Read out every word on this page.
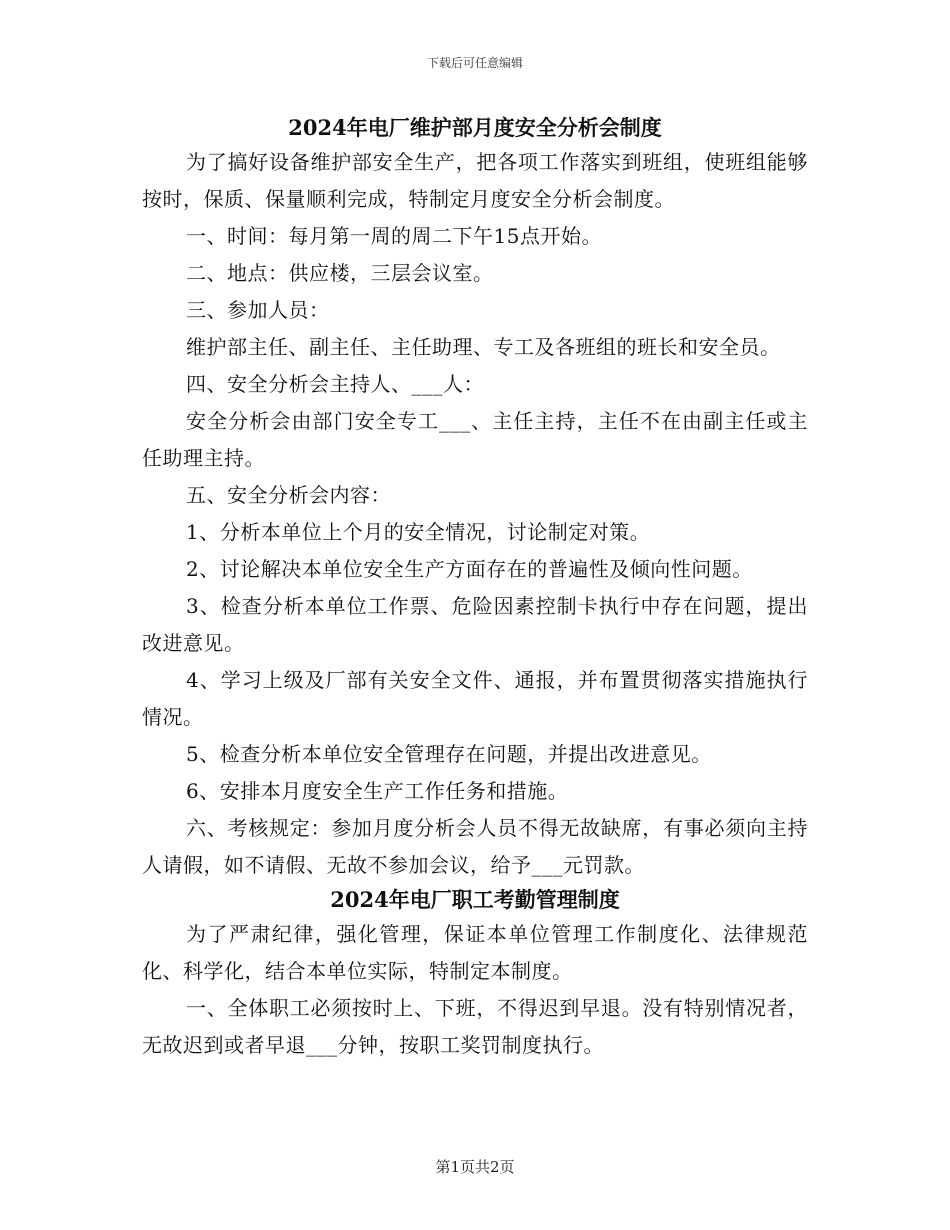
下载后可任意编辑
2024年电厂维护部月度安全分析会制度

为了搞好设备维护部安全生产，把各项工作落实到班组，使班组能够按时，保质、保量顺利完成，特制定月度安全分析会制度。

一、时间：每月第一周的周二下午15点开始。

二、地点：供应楼，三层会议室。

三、参加人员：

维护部主任、副主任、主任助理、专工及各班组的班长和安全员。

四、安全分析会主持人、___人：

安全分析会由部门安全专工___、主任主持，主任不在由副主任或主任助理主持。

五、安全分析会内容：

1、分析本单位上个月的安全情况，讨论制定对策。

2、讨论解决本单位安全生产方面存在的普遍性及倾向性问题。

3、检查分析本单位工作票、危险因素控制卡执行中存在问题，提出改进意见。

4、学习上级及厂部有关安全文件、通报，并布置贯彻落实措施执行情况。

5、检查分析本单位安全管理存在问题，并提出改进意见。

6、安排本月度安全生产工作任务和措施。

六、考核规定：参加月度分析会人员不得无故缺席，有事必须向主持人请假，如不请假、无故不参加会议，给予___元罚款。

2024年电厂职工考勤管理制度

为了严肃纪律，强化管理，保证本单位管理工作制度化、法律规范化、科学化，结合本单位实际，特制定本制度。

一、全体职工必须按时上、下班，不得迟到早退。没有特别情况者，无故迟到或者早退___分钟，按职工奖罚制度执行。

第1页共2页
